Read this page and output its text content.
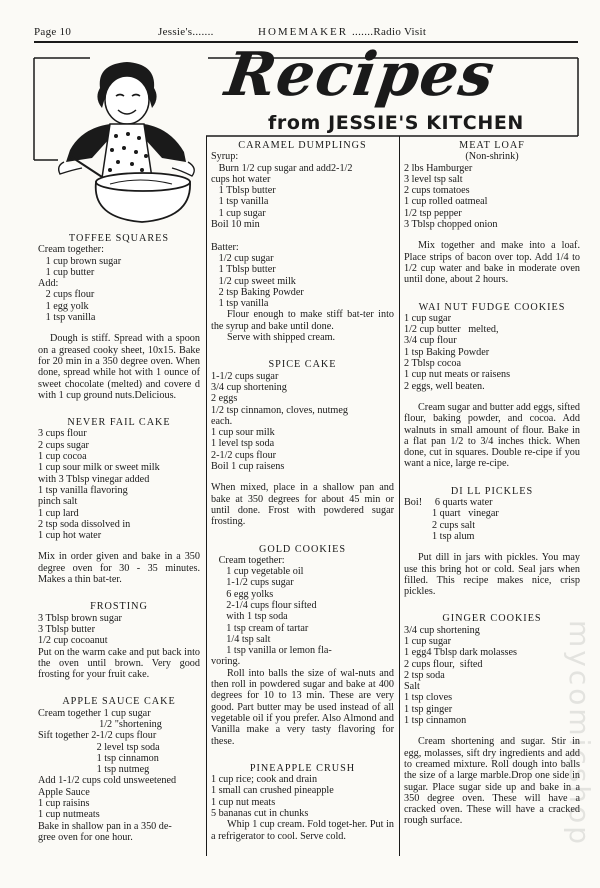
Page 10	Jessie's.......	HOMEMAKER .......Radio Visit
Recipes
from JESSIE'S KITCHEN
TOFFEE SQUARES
Cream together:
1 cup brown sugar
1 cup butter
Add:
2 cups flour
1 egg yolk
1 tsp vanilla
Dough is stiff. Spread with a spoon on a greased cooky sheet, 10x15. Bake for 20 min in a 350 degree oven. When done, spread while hot with 1 ounce of sweet chocolate (melted) and covere d with 1 cup ground nuts.Delicious.
NEVER FAIL CAKE
3 cups flour
2 cups sugar
1 cup cocoa
1 cup sour milk or sweet milk
with 3 Tblsp vinegar added
1 tsp vanilla flavoring
pinch salt
1 cup lard
2 tsp soda dissolved in
1 cup hot water
Mix in order given and bake in a 350 degree oven for 30 - 35 minutes. Makes a thin bat-ter.
FROSTING
3 Tblsp brown sugar
3 Tblsp butter
1/2 cup cocoanut
Put on the warm cake and put back into the oven until brown. Very good frosting for your fruit cake.
APPLE SAUCE CAKE
Cream together 1 cup sugar
1/2 "shortening
Sift together 2-1/2 cups flour
2 level tsp soda
1 tsp cinnamon
1 tsp nutmeg
Add 1-1/2 cups cold unsweetened
Apple Sauce
1 cup raisins
1 cup nutmeats
Bake in shallow pan in a 350 de-
gree oven for one hour.
CARAMEL DUMPLINGS
Syrup:
Burn 1/2 cup sugar and add2-1/2
cups hot water
1 Tblsp butter
1 tsp vanilla
1 cup sugar
Boil 10 min

Batter:
1/2 cup sugar
1 Tblsp butter
1/2 cup sweet milk
2 tsp Baking Powder
1 tsp vanilla
Flour enough to make stiff bat-ter into the syrup and bake until done.
Serve with shipped cream.
SPICE CAKE
1-1/2 cups sugar
3/4 cup shortening
2 eggs
1/2 tsp cinnamon, cloves, nutmeg
each.
1 cup sour milk
1 level tsp soda
2-1/2 cups flour
Boil 1 cup raisens
When mixed, place in a shallow pan and bake at 350 degrees for about 45 min or until done. Frost with powdered sugar frosting.
GOLD COOKIES
Cream together:
1 cup vegetable oil
1-1/2 cups sugar
6 egg yolks
2-1/4 cups flour sifted
with 1 tsp soda
1 tsp cream of tartar
1/4 tsp salt
1 tsp vanilla or lemon fla-
voring.
Roll into balls the size of wal-nuts and then roll in powdered sugar and bake at 400 degrees for 10 to 13 min. These are very good. Part butter may be used instead of all vegetable oil if you prefer. Also Almond and Vanilla make a very tasty flavoring for these.
PINEAPPLE CRUSH
1 cup rice; cook and drain
1 small can crushed pineapple
1 cup nut meats
5 bananas cut in chunks
Whip 1 cup cream. Fold toget-her. Put in a refrigerator to cool. Serve cold.
MEAT LOAF
(Non-shrink)
2 lbs Hamburger
3 level tsp salt
2 cups tomatoes
1 cup rolled oatmeal
1/2 tsp pepper
3 Tblsp chopped onion
Mix together and make into a loaf. Place strips of bacon over top. Add 1/4 to 1/2 cup water and bake in moderate oven until done, about 2 hours.
WAI NUT FUDGE COOKIES
1 cup sugar
1/2 cup butter   melted,
3/4 cup flour
1 tsp Baking Powder
2 Tblsp cocoa
1 cup nut meats or raisens
2 eggs, well beaten.
Cream sugar and butter add eggs, sifted flour, baking powder, and cocoa. Add walnuts in small amount of flour. Bake in a flat pan 1/2 to 3/4 inches thick. When done, cut in squares. Double re-cipe if you want a nice, large re-cipe.
DI LL PICKLES
Boi!     6 quarts water
1 quart   vinegar
2 cups salt
1 tsp alum
Put dill in jars with pickles. You may use this bring hot or cold. Seal jars when filled. This recipe makes nice, crisp pickles.
GINGER COOKIES
3/4 cup shortening
1 cup sugar
1 egg4 Tblsp dark molasses
2 cups flour,  sifted
2 tsp soda
Salt
1 tsp cloves
1 tsp ginger
1 tsp cinnamon
Cream shortening and sugar. Stir in egg, molasses, sift dry ingredients and add to creamed mixture. Roll dough into balls the size of a large marble.Drop one side in sugar. Place sugar side up and bake in a 350 degree oven. These will have a cracked oven. These will have a cracked rough surface.	mycomicshop
